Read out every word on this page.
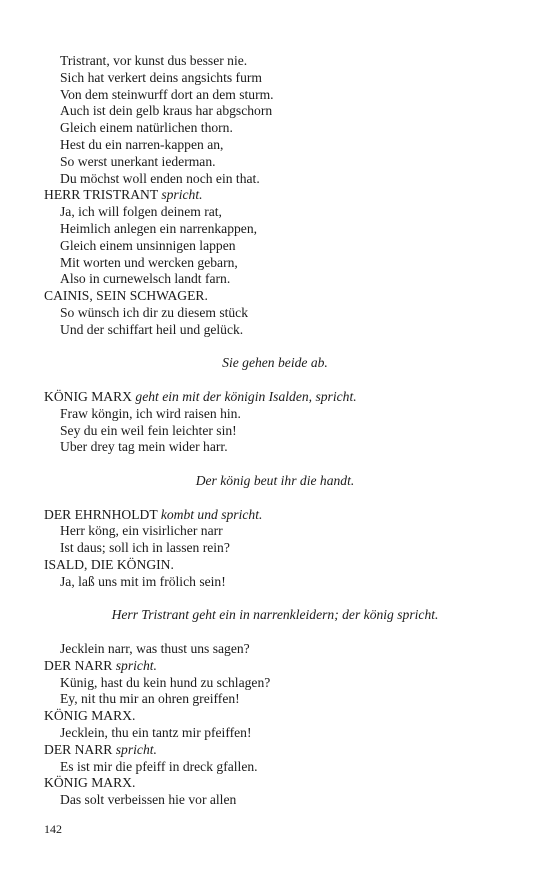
Tristrant, vor kunst dus besser nie.
Sich hat verkert deins angsichts furm
Von dem steinwurff dort an dem sturm.
Auch ist dein gelb kraus har abgschorn
Gleich einem natürlichen thorn.
Hest du ein narren-kappen an,
So werst unerkant iederman.
Du möchst woll enden noch ein that.
HERR TRISTRANT spricht.
Ja, ich will folgen deinem rat,
Heimlich anlegen ein narrenkappen,
Gleich einem unsinnigen lappen
Mit worten und wercken gebarn,
Also in curnewelsch landt farn.
CAINIS, SEIN SCHWAGER.
So wünsch ich dir zu diesem stück
Und der schiffart heil und gelück.
Sie gehen beide ab.
KÖNIG MARX geht ein mit der königin Isalden, spricht.
Fraw köngin, ich wird raisen hin.
Sey du ein weil fein leichter sin!
Uber drey tag mein wider harr.
Der könig beut ihr die handt.
DER EHRNHOLDT kombt und spricht.
Herr köng, ein visirlicher narr
Ist daus; soll ich in lassen rein?
ISALD, DIE KÖNGIN.
Ja, laß uns mit im frölich sein!
Herr Tristrant geht ein in narrenkleidern; der könig spricht.
Jecklein narr, was thust uns sagen?
DER NARR spricht.
Künig, hast du kein hund zu schlagen?
Ey, nit thu mir an ohren greiffen!
KÖNIG MARX.
Jecklein, thu ein tantz mir pfeiffen!
DER NARR spricht.
Es ist mir die pfeiff in dreck gfallen.
KÖNIG MARX.
Das solt verbeissen hie vor allen
142
